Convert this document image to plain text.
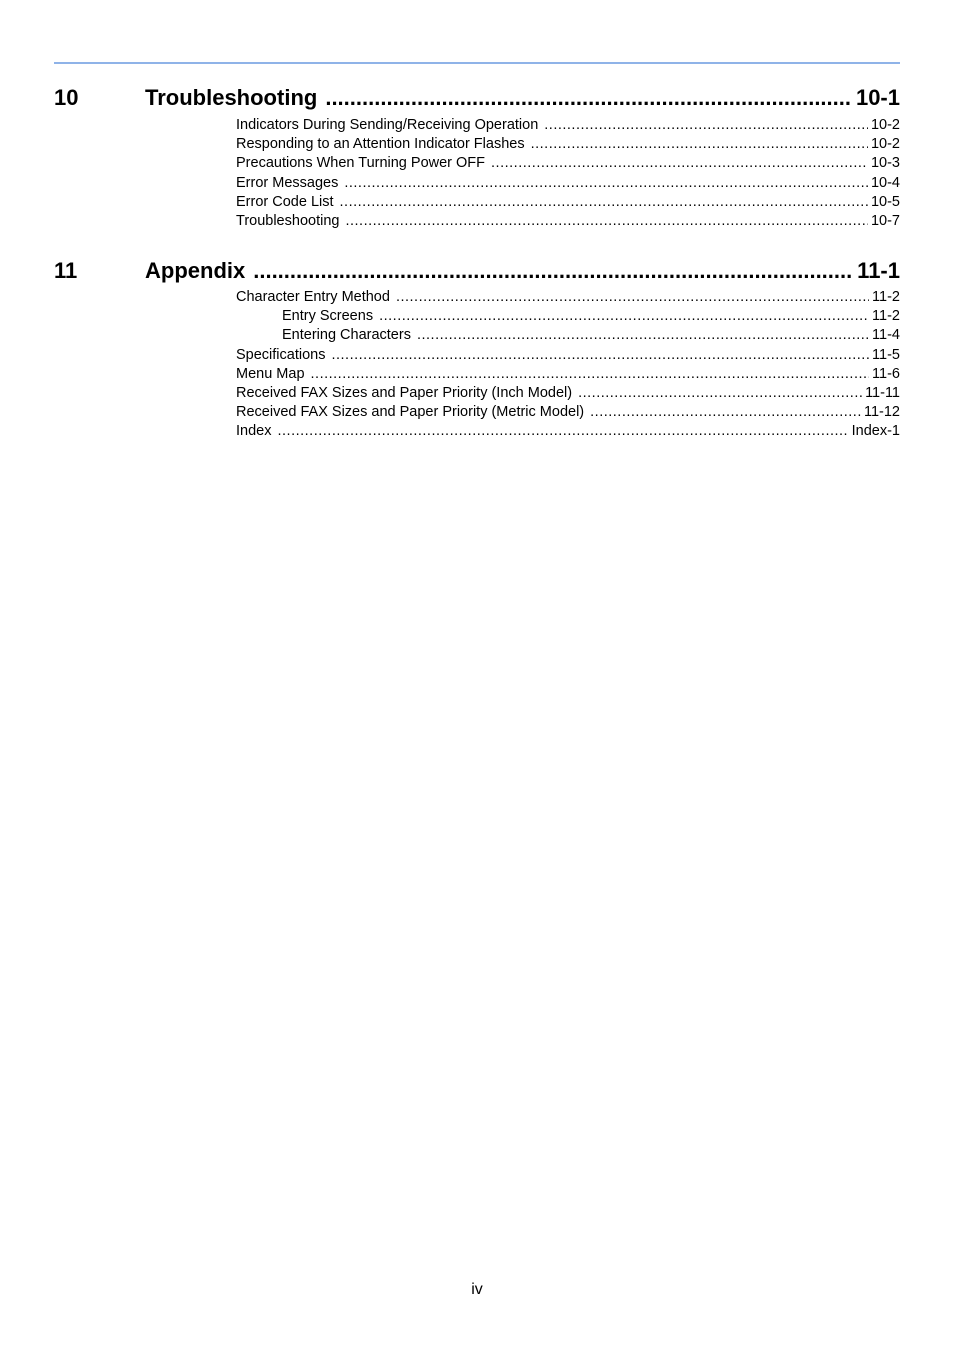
10	Troubleshooting .....	10-1
Indicators During Sending/Receiving Operation .....	10-2
Responding to an Attention Indicator Flashes .....	10-2
Precautions When Turning Power OFF .....	10-3
Error Messages .....	10-4
Error Code List .....	10-5
Troubleshooting .....	10-7
11	Appendix .....	11-1
Character Entry Method .....	11-2
Entry Screens .....	11-2
Entering Characters .....	11-4
Specifications .....	11-5
Menu Map .....	11-6
Received FAX Sizes and Paper Priority (Inch Model) .....	11-11
Received FAX Sizes and Paper Priority (Metric Model) .....	11-12
Index .....	Index-1
iv
